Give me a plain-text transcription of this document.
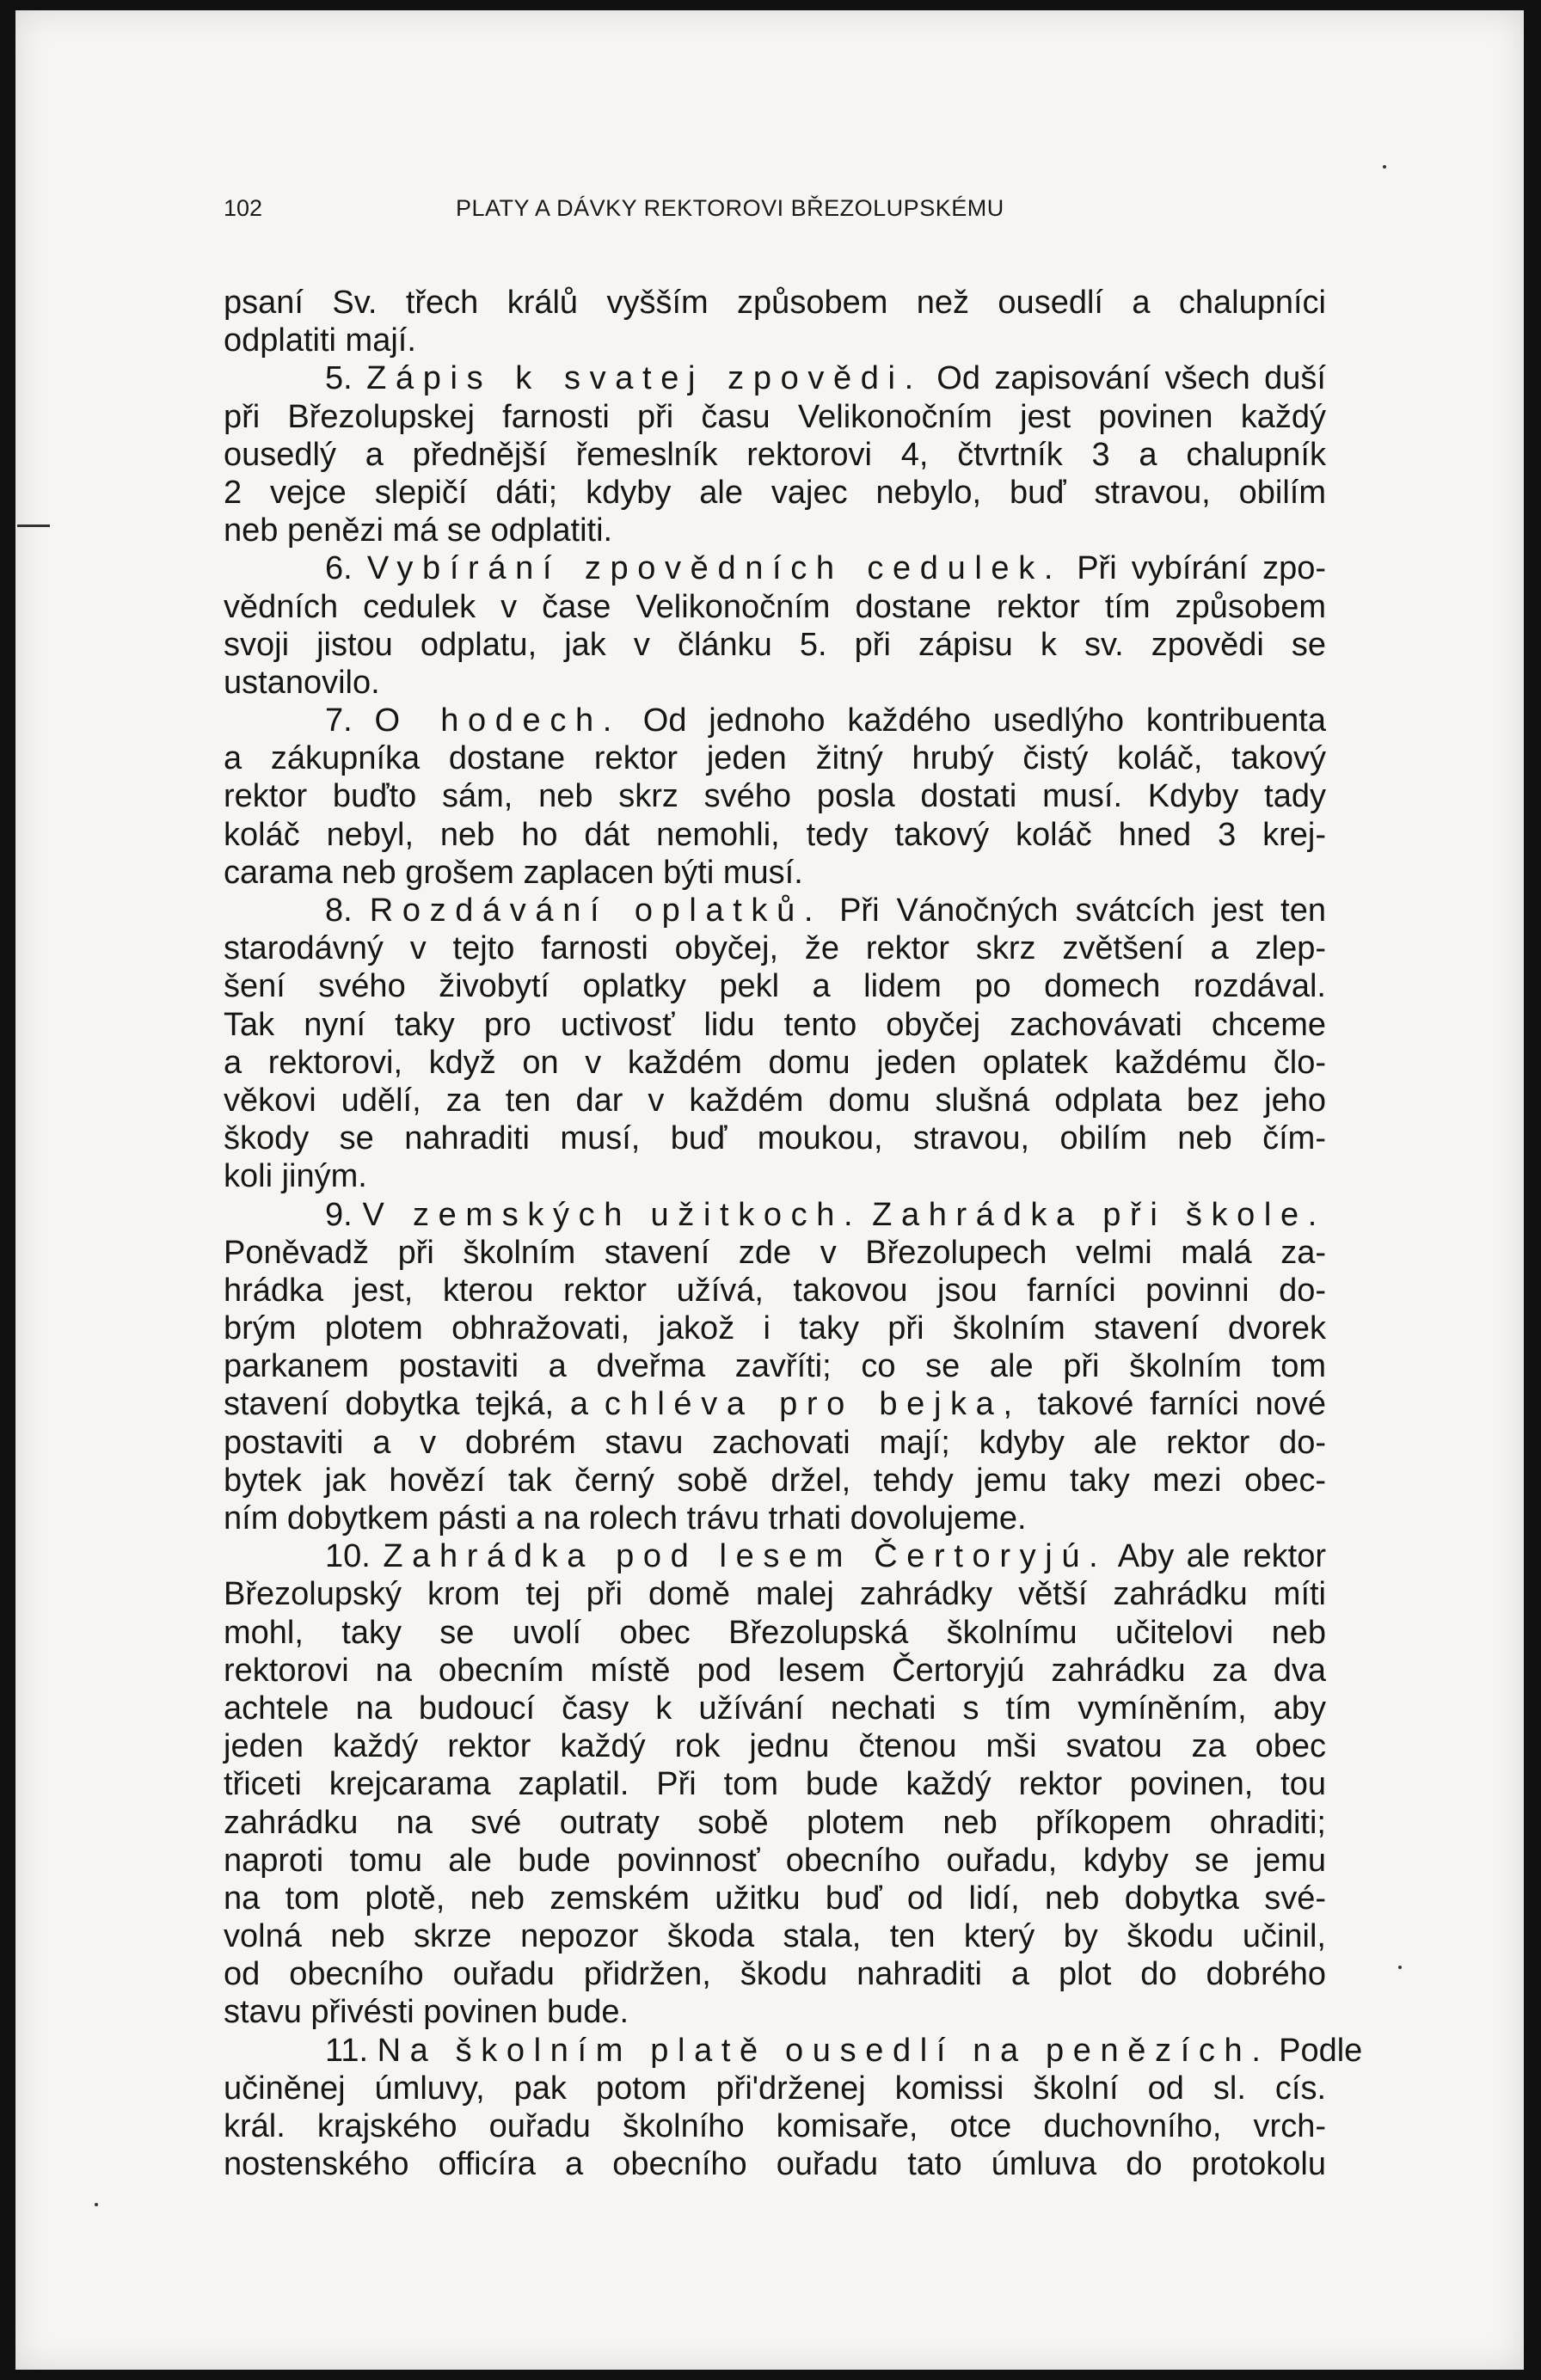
102	PLATY A DÁVKY REKTOROVI BŘEZOLUPSKÉMU
psaní Sv. třech králů vyšším způsobem než ousedlí a chalupníci
odplatiti mají.
5. Zápis k svatej zpovědi. Od zapisování všech duší
při Březolupskej farnosti při času Velikonočním jest povinen každý
ousedlý a přednější řemeslník rektorovi 4, čtvrtník 3 a chalupník
2 vejce slepičí dáti; kdyby ale vajec nebylo, buď stravou, obilím
neb penězi má se odplatiti.
6. Vybírání zpovědních cedulek. Při vybírání zpo-
vědních cedulek v čase Velikonočním dostane rektor tím způsobem
svoji jistou odplatu, jak v článku 5. při zápisu k sv. zpovědi se
ustanovilo.
7. O hodech. Od jednoho každého usedlýho kontribuenta
a zákupníka dostane rektor jeden žitný hrubý čistý koláč, takový
rektor buďto sám, neb skrz svého posla dostati musí. Kdyby tady
koláč nebyl, neb ho dát nemohli, tedy takový koláč hned 3 krej-
carama neb grošem zaplacen býti musí.
8. Rozdávání oplatků. Při Vánočných svátcích jest ten
starodávný v tejto farnosti obyčej, že rektor skrz zvětšení a zlep-
šení svého živobytí oplatky pekl a lidem po domech rozdával.
Tak nyní taky pro uctivosť lidu tento obyčej zachovávati chceme
a rektorovi, když on v každém domu jeden oplatek každému člo-
věkovi udělí, za ten dar v každém domu slušná odplata bez jeho
škody se nahraditi musí, buď moukou, stravou, obilím neb čím-
koli jiným.
9. V zemských užitkoch. Zahrádka při škole.
Poněvadž při školním stavení zde v Březolupech velmi malá za-
hrádka jest, kterou rektor užívá, takovou jsou farníci povinni do-
brým plotem obhražovati, jakož i taky při školním stavení dvorek
parkanem postaviti a dveřma zavříti; co se ale při školním tom
stavení dobytka tejká, a chléva pro bejka, takové farníci nové
postaviti a v dobrém stavu zachovati mají; kdyby ale rektor do-
bytek jak hovězí tak černý sobě držel, tehdy jemu taky mezi obec-
ním dobytkem pásti a na rolech trávu trhati dovolujeme.
10. Zahrádka pod lesem Čertoryjú. Aby ale rektor
Březolupský krom tej při domě malej zahrádky větší zahrádku míti
mohl, taky se uvolí obec Březolupská školnímu učitelovi neb
rektorovi na obecním místě pod lesem Čertoryjú zahrádku za dva
achtele na budoucí časy k užívání nechati s tím vymíněním, aby
jeden každý rektor každý rok jednu čtenou mši svatou za obec
třiceti krejcarama zaplatil. Při tom bude každý rektor povinen, tou
zahrádku na své outraty sobě plotem neb příkopem ohraditi;
naproti tomu ale bude povinnosť obecního ouřadu, kdyby se jemu
na tom plotě, neb zemském užitku buď od lidí, neb dobytka své-
volná neb skrze nepozor škoda stala, ten který by škodu učinil,
od obecního ouřadu přidržen, škodu nahraditi a plot do dobrého
stavu přivésti povinen bude.
11. Na školním platě ousedlí na penězích. Podle
učiněnej úmluvy, pak potom při'drženej komissi školní od sl. cís.
král. krajského ouřadu školního komisaře, otce duchovního, vrch-
nostenského officíra a obecního ouřadu tato úmluva do protokolu
